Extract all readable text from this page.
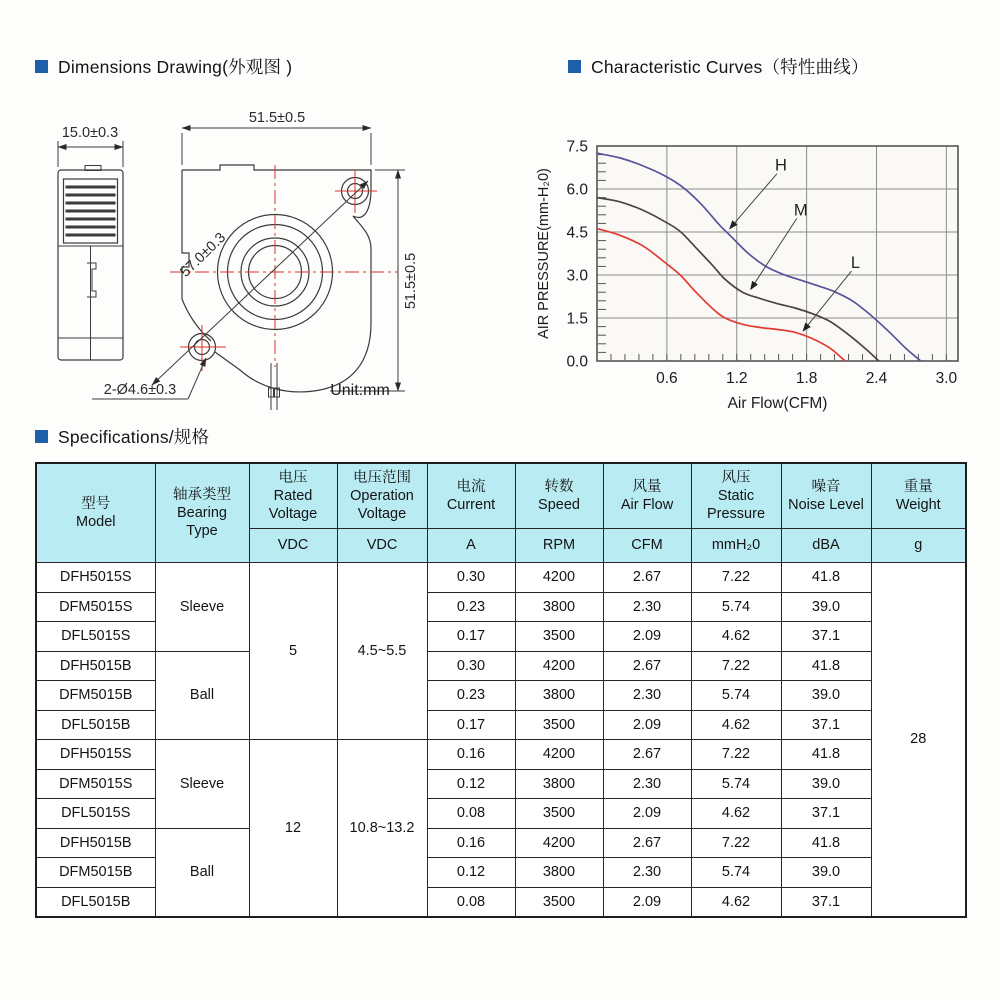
Dimensions Drawing(外观图 )	Characteristic Curves（特性曲线）
Specifications/规格
15.0±0.3
51.5±0.5
57.0±0.3	51.5±0.5
2-Ø4.6±0.3	Unit:mm
0.0
1.5
3.0
4.5
6.0
7.5
0.6	1.2	1.8	2.4	3.0
Air Flow(CFM)
AIR PRESSURE(mm-H₂0)
H
M
L
型号
Model

轴承类型
Bearing
Type

电压
Rated
Voltage

电压范围
Operation
Voltage

电流
Current

转数
Speed

风量
Air Flow

风压
Static
Pressure

噪音
Noise Level

重量
Weight

		VDC	VDC	A	RPM	CFM	mmH₂0	dBA	g
DFH5015S	Sleeve	5	4.5~5.5	0.30	4200	2.67	7.22	41.8	28
DFM5015S				0.23	3800	2.30	5.74	39.0	
DFL5015S				0.17	3500	2.09	4.62	37.1	
DFH5015B	Ball			0.30	4200	2.67	7.22	41.8	
DFM5015B				0.23	3800	2.30	5.74	39.0	
DFL5015B				0.17	3500	2.09	4.62	37.1	
DFH5015S	Sleeve	12	10.8~13.2	0.16	4200	2.67	7.22	41.8	
DFM5015S				0.12	3800	2.30	5.74	39.0	
DFL5015S				0.08	3500	2.09	4.62	37.1	
DFH5015B	Ball			0.16	4200	2.67	7.22	41.8	
DFM5015B				0.12	3800	2.30	5.74	39.0	
DFL5015B				0.08	3500	2.09	4.62	37.1	
